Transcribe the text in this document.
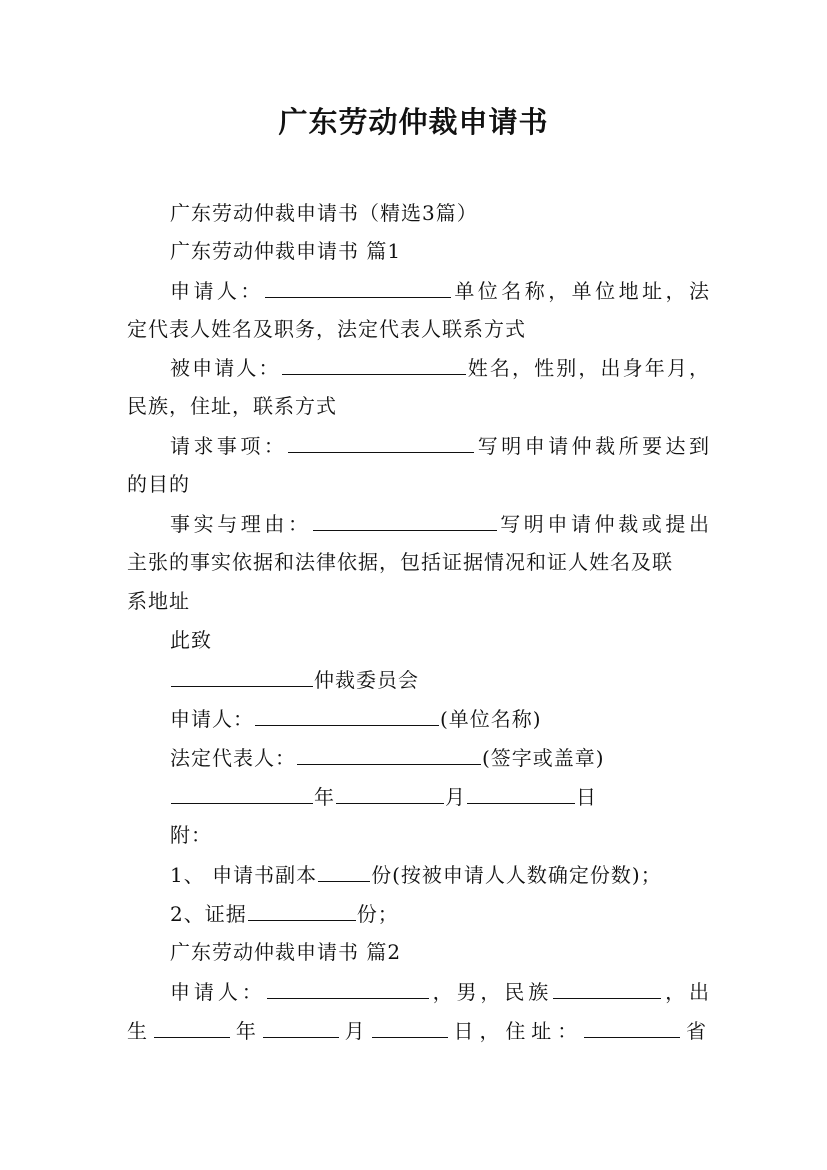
广东劳动仲裁申请书
广东劳动仲裁申请书（精选3篇）
广东劳动仲裁申请书 篇1
申请人：	单位名称，单位地址，法
定代表人姓名及职务，法定代表人联系方式
被申请人：	姓名，性别，出身年月，
民族，住址，联系方式
请求事项：	写明申请仲裁所要达到
的目的
事实与理由：	写明申请仲裁或提出
主张的事实依据和法律依据，包括证据情况和证人姓名及联
系地址
此致
仲裁委员会
申请人：	(单位名称)
法定代表人：	(签字或盖章)
年	月	日
附：
1、 申请书副本	份(按被申请人人数确定份数)；
2、证据	份；
广东劳动仲裁申请书 篇2
申请人：	，男，民族	，出
生	年	月	日，住址：	省
